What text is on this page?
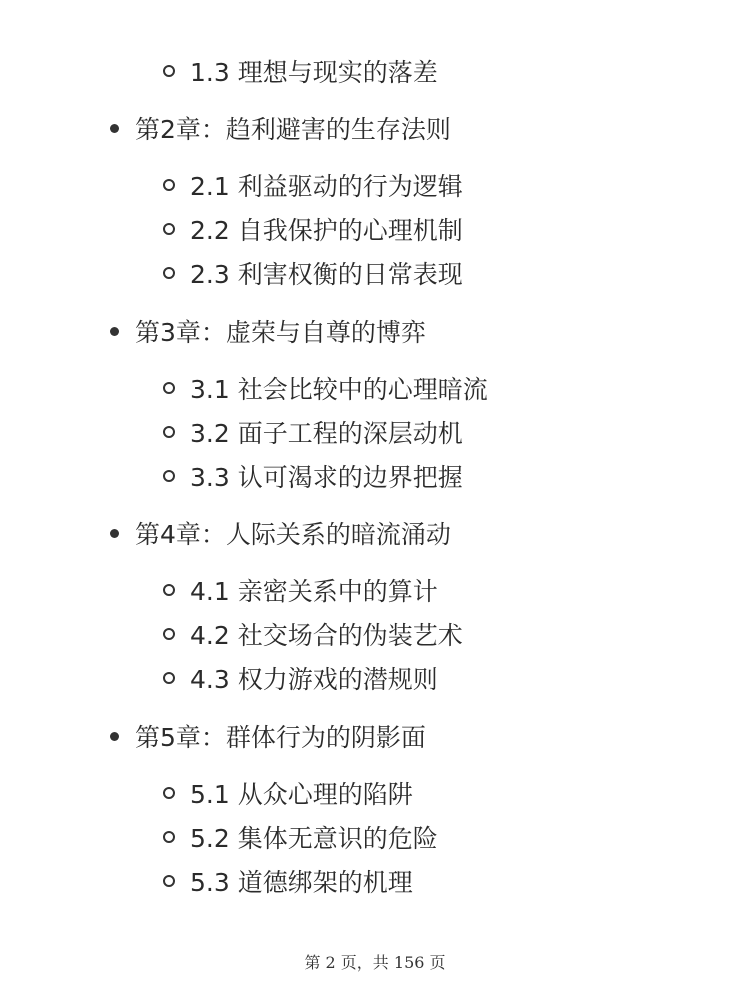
1.3 理想与现实的落差
第2章：趋利避害的生存法则
2.1 利益驱动的行为逻辑
2.2 自我保护的心理机制
2.3 利害权衡的日常表现
第3章：虚荣与自尊的博弈
3.1 社会比较中的心理暗流
3.2 面子工程的深层动机
3.3 认可渴求的边界把握
第4章：人际关系的暗流涌动
4.1 亲密关系中的算计
4.2 社交场合的伪装艺术
4.3 权力游戏的潜规则
第5章：群体行为的阴影面
5.1 从众心理的陷阱
5.2 集体无意识的危险
5.3 道德绑架的机理
第 2 页，共 156 页
